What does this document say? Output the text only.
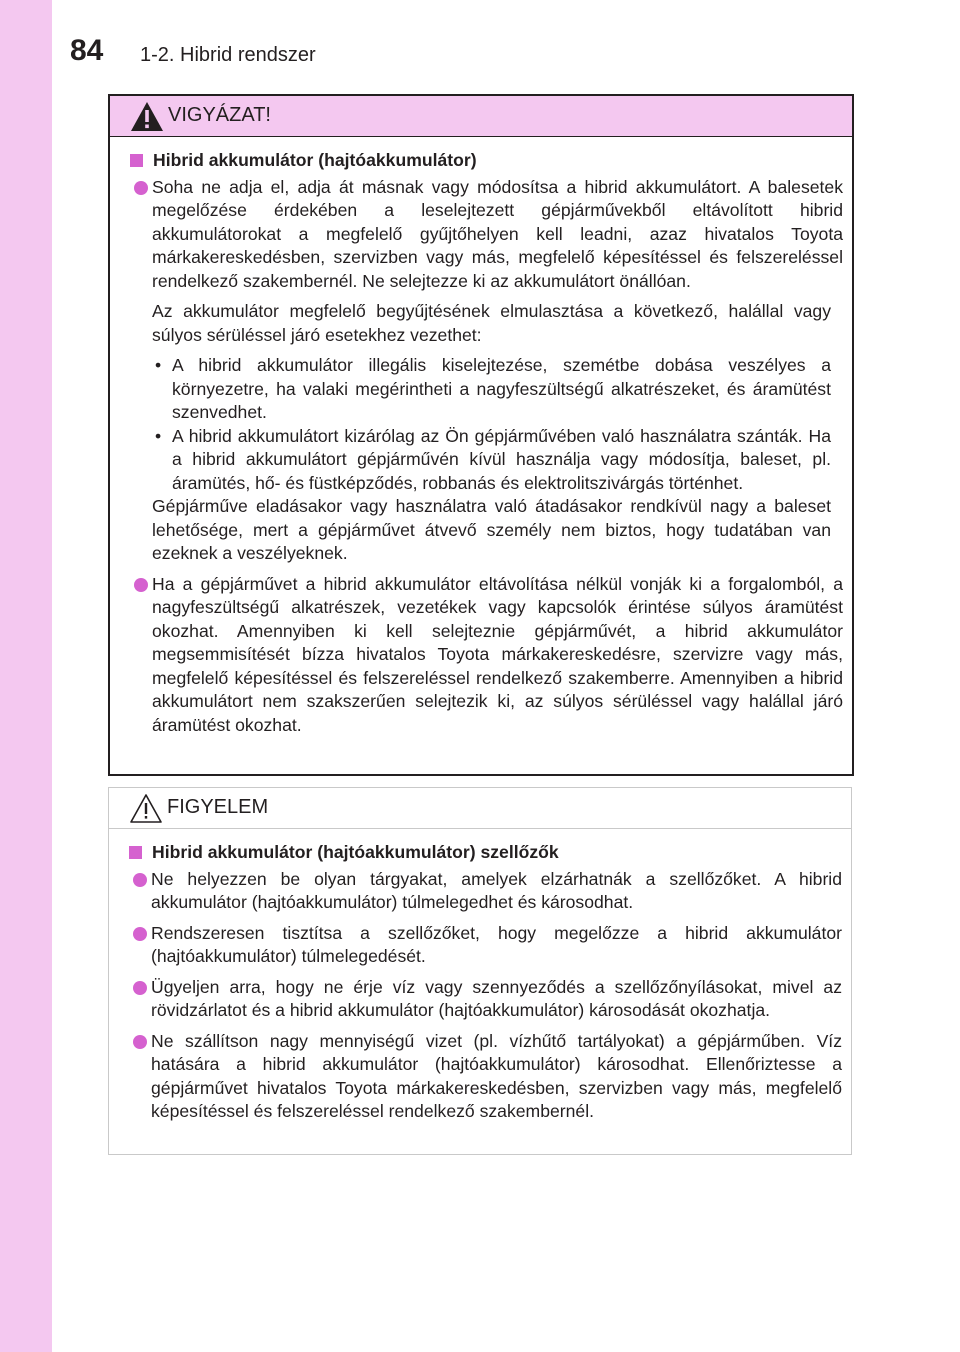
84 1-2. Hibrid rendszer
VIGYÁZAT!
Hibrid akkumulátor (hajtóakkumulátor)
Soha ne adja el, adja át másnak vagy módosítsa a hibrid akkumulátort. A balesetek megelőzése érdekében a leselejtezett gépjárművekből eltávolított hibrid akkumulátorokat a megfelelő gyűjtőhelyen kell leadni, azaz hivatalos Toyota márkakereskedésben, szervizben vagy más, megfelelő képesítéssel és felszereléssel rendelkező szakembernél. Ne selejtezze ki az akkumulátort önállóan.
Az akkumulátor megfelelő begyűjtésének elmulasztása a következő, halállal vagy súlyos sérüléssel járó esetekhez vezethet:
• A hibrid akkumulátor illegális kiselejtezése, szemétbe dobása veszélyes a környezetre, ha valaki megérintheti a nagyfeszültségű alkatrészeket, és áramütést szenvedhet.
• A hibrid akkumulátort kizárólag az Ön gépjárművében való használatra szánták. Ha a hibrid akkumulátort gépjárművén kívül használja vagy módosítja, baleset, pl. áramütés, hő- és füstképződés, robbanás és elektrolitszivárgás történhet.
Gépjárműve eladásakor vagy használatra való átadásakor rendkívül nagy a baleset lehetősége, mert a gépjárművet átvevő személy nem biztos, hogy tudatában van ezeknek a veszélyeknek.
Ha a gépjárművet a hibrid akkumulátor eltávolítása nélkül vonják ki a forgalomból, a nagyfeszültségű alkatrészek, vezetékek vagy kapcsolók érintése súlyos áramütést okozhat. Amennyiben ki kell selejteznie gépjárművét, a hibrid akkumulátor megsemmisítését bízza hivatalos Toyota márkakereskedésre, szervizre vagy más, megfelelő képesítéssel és felszereléssel rendelkező szakemberre. Amennyiben a hibrid akkumulátort nem szakszerűen selejtezik ki, az súlyos sérüléssel vagy halállal járó áramütést okozhat.
FIGYELEM
Hibrid akkumulátor (hajtóakkumulátor) szellőzők
Ne helyezzen be olyan tárgyakat, amelyek elzárhatnák a szellőzőket. A hibrid akkumulátor (hajtóakkumulátor) túlmelegedhet és károsodhat.
Rendszeresen tisztítsa a szellőzőket, hogy megelőzze a hibrid akkumulátor (hajtóakkumulátor) túlmelegedését.
Ügyeljen arra, hogy ne érje víz vagy szennyeződés a szellőzőnyílásokat, mivel az rövidzárlatot és a hibrid akkumulátor (hajtóakkumulátor) károsodását okozhatja.
Ne szállítson nagy mennyiségű vizet (pl. vízhűtő tartályokat) a gépjárműben. Víz hatására a hibrid akkumulátor (hajtóakkumulátor) károsodhat. Ellenőriztesse a gépjárművet hivatalos Toyota márkakereskedésben, szervizben vagy más, megfelelő képesítéssel és felszereléssel rendelkező szakembernél.
